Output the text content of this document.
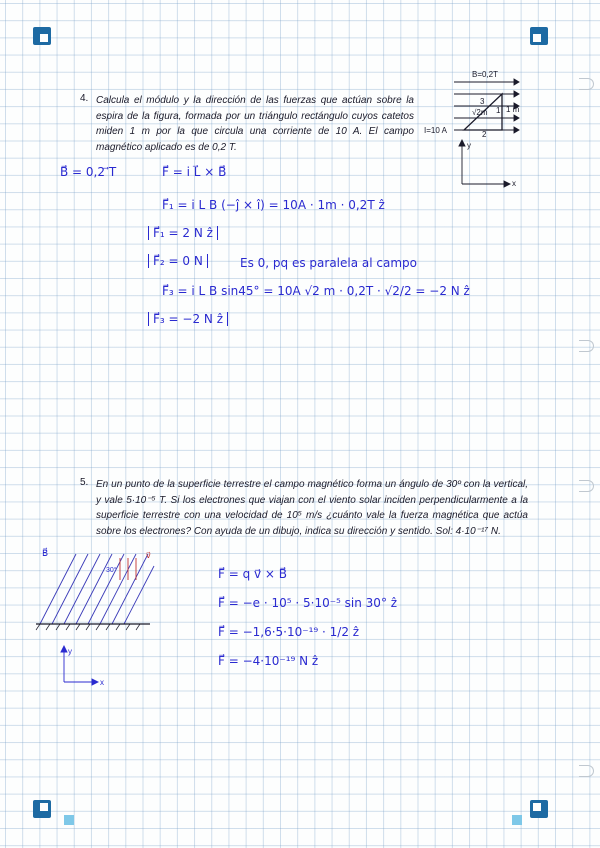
4. Calcula el módulo y la dirección de las fuerzas que actúan sobre la espira de la figura, formada por un triángulo rectángulo cuyos catetos miden 1 m por la que circula una corriente de 10 A. El campo magnético aplicado es de 0,2 T.
B=0,2T
1 m
1
3
2
√2m
I=10 A
y
x
B⃗ = 0,2 ⃗T	F⃗ = i L⃗ × B⃗
F⃗₁ = i L B (−ĵ × î) = 10A · 1m · 0,2T ẑ
F⃗₁ = 2 N ẑ
F⃗₂ = 0 N	Es 0, pq es paralela al campo
F⃗₃ = i L B sin45° = 10A √2 m · 0,2T · √2/2 = −2 N ẑ
F⃗₃ = −2 N ẑ
5. En un punto de la superficie terrestre el campo magnético forma un ángulo de 30º con la vertical, y vale 5·10⁻⁵ T. Si los electrones que viajan con el viento solar inciden perpendicularmente a la superficie terrestre con una velocidad de 10⁵ m/s ¿cuánto vale la fuerza magnética que actúa sobre los electrones? Con ayuda de un dibujo, indica su dirección y sentido. Sol: 4·10⁻¹⁷ N.
B⃗	v⃗
30°
y
x
F⃗ = q v⃗ × B⃗
F⃗ = −e · 10⁵ · 5·10⁻⁵ sin 30° ẑ
F⃗ = −1,6·5·10⁻¹⁹ · 1/2 ẑ
F⃗ = −4·10⁻¹⁹ N ẑ
